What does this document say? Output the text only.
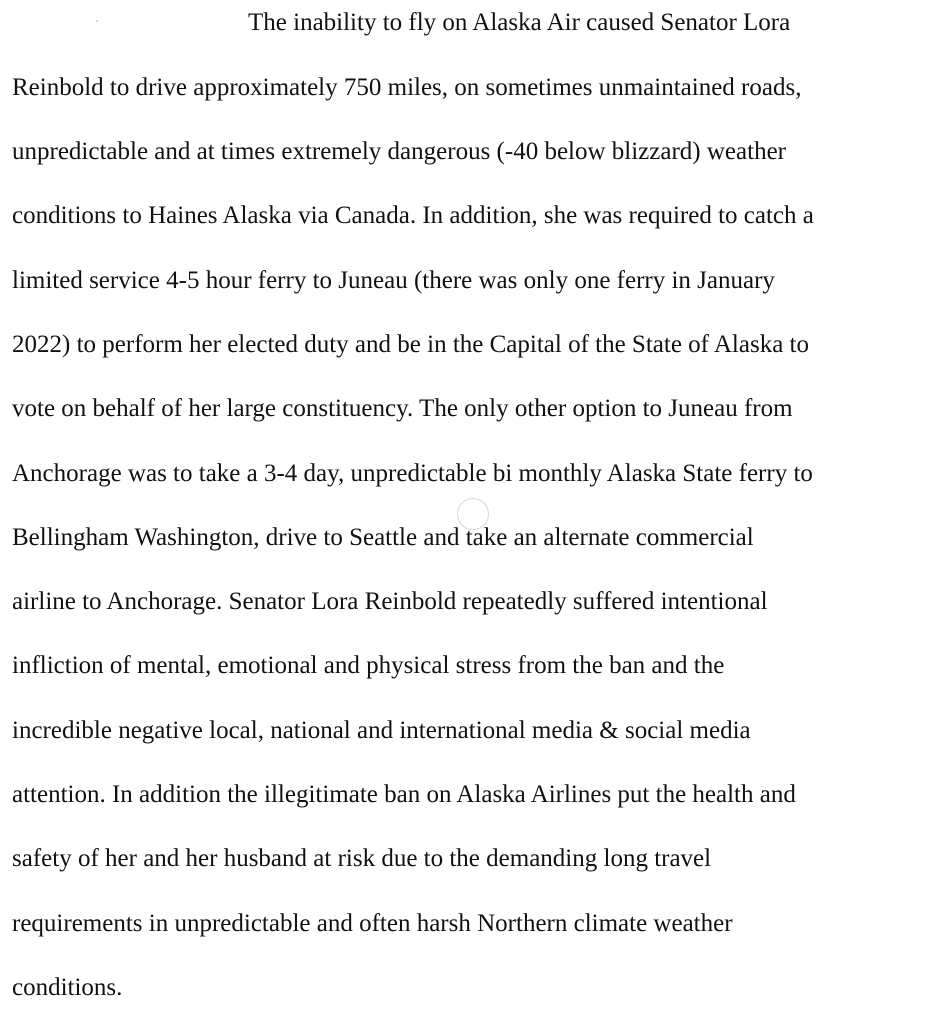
The inability to fly on Alaska Air caused Senator Lora

Reinbold to drive approximately 750 miles, on sometimes unmaintained roads,

unpredictable and at times extremely dangerous (-40 below blizzard) weather

conditions to Haines Alaska via Canada. In addition, she was required to catch a

limited service 4-5 hour ferry to Juneau (there was only one ferry in January

2022) to perform her elected duty and be in the Capital of the State of Alaska to

vote on behalf of her large constituency. The only other option to Juneau from

Anchorage was to take a 3-4 day, unpredictable bi monthly Alaska State ferry to

Bellingham Washington, drive to Seattle and take an alternate commercial

airline to Anchorage. Senator Lora Reinbold repeatedly suffered intentional

infliction of mental, emotional and physical stress from the ban and the

incredible negative local, national and international media & social media

attention. In addition the illegitimate ban on Alaska Airlines put the health and

safety of her and her husband at risk due to the demanding long travel

requirements in unpredictable and often harsh Northern climate weather

conditions.
